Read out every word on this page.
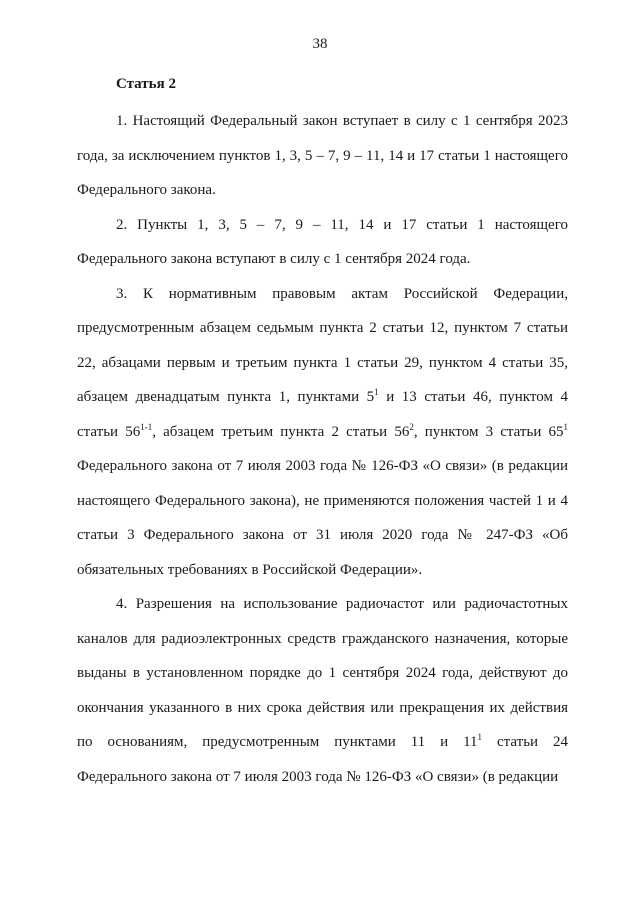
38
Статья 2

1. Настоящий Федеральный закон вступает в силу с 1 сентября 2023 года, за исключением пунктов 1, 3, 5 – 7, 9 – 11, 14 и 17 статьи 1 настоящего Федерального закона.

2. Пункты 1, 3, 5 – 7, 9 – 11, 14 и 17 статьи 1 настоящего Федерального закона вступают в силу с 1 сентября 2024 года.

3. К нормативным правовым актам Российской Федерации, предусмотренным абзацем седьмым пункта 2 статьи 12, пунктом 7 статьи 22, абзацами первым и третьим пункта 1 статьи 29, пунктом 4 статьи 35, абзацем двенадцатым пункта 1, пунктами $5^1$ и 13 статьи 46, пунктом 4 статьи 56$^{1-1}$, абзацем третьим пункта 2 статьи $56^2$, пунктом 3 статьи $65^1$ Федерального закона от 7 июля 2003 года № 126-ФЗ «О связи» (в редакции настоящего Федерального закона), не применяются положения частей 1 и 4 статьи 3 Федерального закона от 31 июля 2020 года № 247-ФЗ «Об обязательных требованиях в Российской Федерации».

4. Разрешения на использование радиочастот или радиочастотных каналов для радиоэлектронных средств гражданского назначения, которые выданы в установленном порядке до 1 сентября 2024 года, действуют до окончания указанного в них срока действия или прекращения их действия по основаниям, предусмотренным пунктами 11 и $11^1$ статьи 24 Федерального закона от 7 июля 2003 года № 126-ФЗ «О связи» (в редакции
